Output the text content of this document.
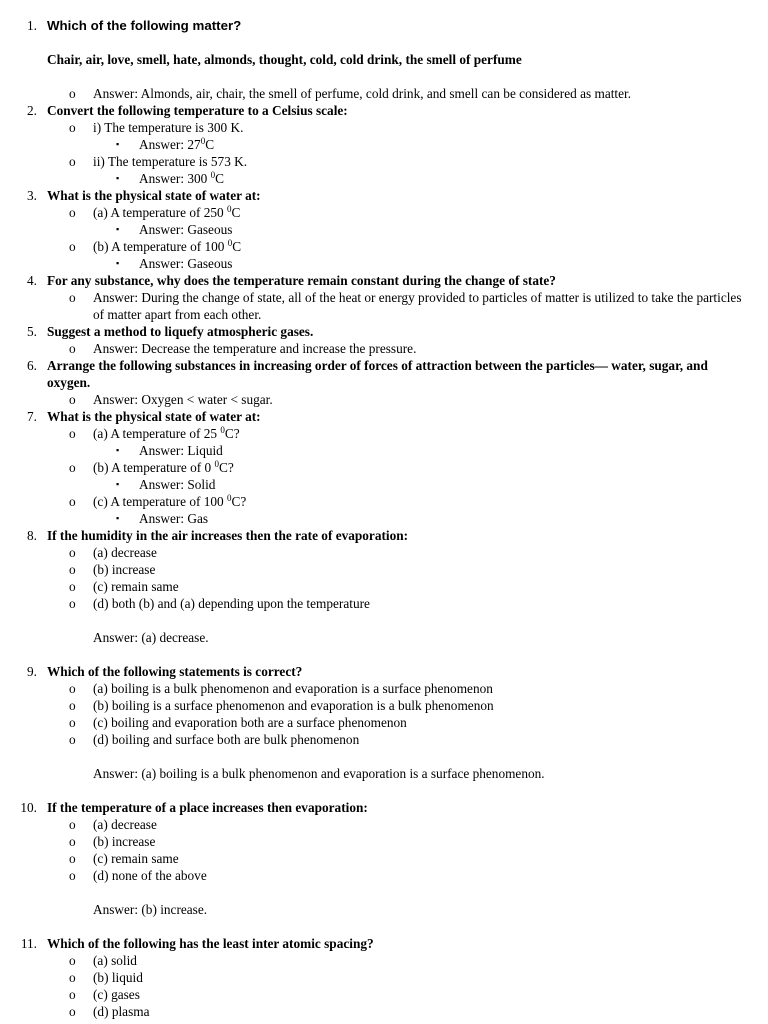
1. Which of the following matter?
Chair, air, love, smell, hate, almonds, thought, cold, cold drink, the smell of perfume
o Answer: Almonds, air, chair, the smell of perfume, cold drink, and smell can be considered as matter.
2. Convert the following temperature to a Celsius scale:
o i) The temperature is 300 K.
▪ Answer: $27^0C$
o ii) The temperature is 573 K.
▪ Answer: 300 $^0$C
3. What is the physical state of water at:
o (a) A temperature of 250 $^0$C
▪ Answer: Gaseous
o (b) A temperature of 100 $^0$C
▪ Answer: Gaseous
4. For any substance, why does the temperature remain constant during the change of state?
o Answer: During the change of state, all of the heat or energy provided to particles of matter is utilized to take the particles of matter apart from each other.
5. Suggest a method to liquefy atmospheric gases.
o Answer: Decrease the temperature and increase the pressure.
6. Arrange the following substances in increasing order of forces of attraction between the particles— water, sugar, and oxygen.
o Answer: Oxygen < water < sugar.
7. What is the physical state of water at:
o (a) A temperature of 25 $^0$C?
▪ Answer: Liquid
o (b) A temperature of 0 $^0$C?
▪ Answer: Solid
o (c) A temperature of 100 $^0$C?
▪ Answer: Gas
8. If the humidity in the air increases then the rate of evaporation:
o (a) decrease
o (b) increase
o (c) remain same
o (d) both (b) and (a) depending upon the temperature
Answer: (a) decrease.
9. Which of the following statements is correct?
o (a) boiling is a bulk phenomenon and evaporation is a surface phenomenon
o (b) boiling is a surface phenomenon and evaporation is a bulk phenomenon
o (c) boiling and evaporation both are a surface phenomenon
o (d) boiling and surface both are bulk phenomenon
Answer: (a) boiling is a bulk phenomenon and evaporation is a surface phenomenon.
10. If the temperature of a place increases then evaporation:
o (a) decrease
o (b) increase
o (c) remain same
o (d) none of the above
Answer: (b) increase.
11. Which of the following has the least inter atomic spacing?
o (a) solid
o (b) liquid
o (c) gases
o (d) plasma
